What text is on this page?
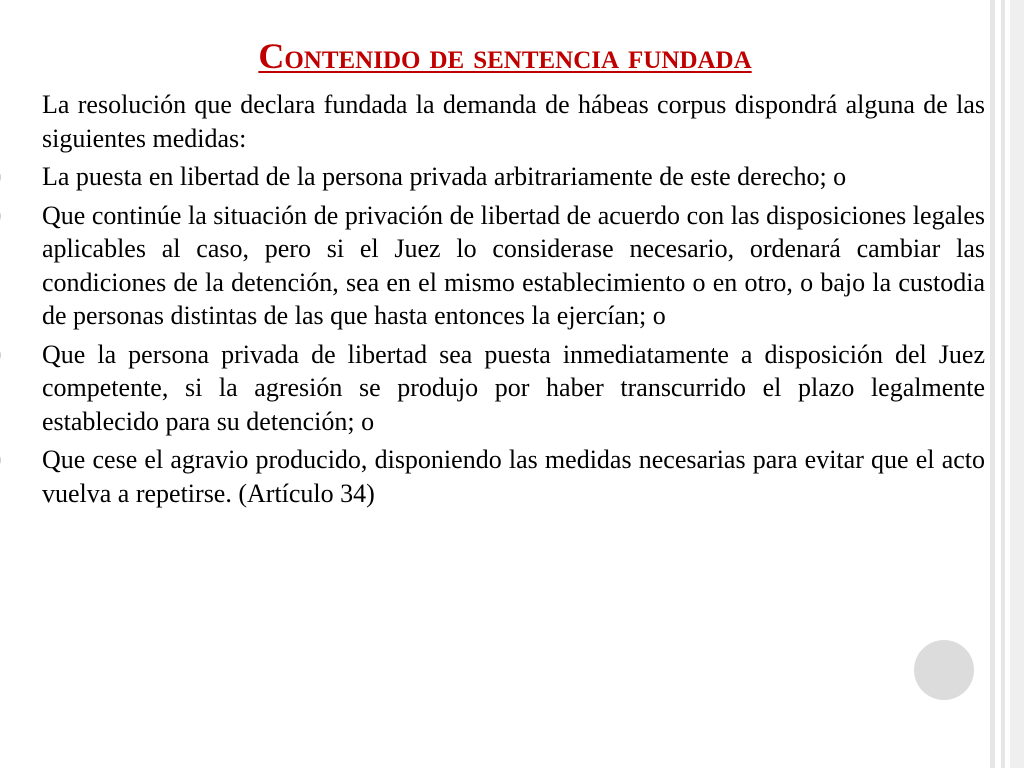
Contenido de sentencia fundada

La resolución que declara fundada la demanda de hábeas corpus dispondrá alguna de las siguientes medidas:

La puesta en libertad de la persona privada arbitrariamente de este derecho; o

Que continúe la situación de privación de libertad de acuerdo con las disposiciones legales aplicables al caso, pero si el Juez lo considerase necesario, ordenará cambiar las condiciones de la detención, sea en el mismo establecimiento o en otro, o bajo la custodia de personas distintas de las que hasta entonces la ejercían; o

Que la persona privada de libertad sea puesta inmediatamente a disposición del Juez competente, si la agresión se produjo por haber transcurrido el plazo legalmente establecido para su detención; o

Que cese el agravio producido, disponiendo las medidas necesarias para evitar que el acto vuelva a repetirse. (Artículo 34)
